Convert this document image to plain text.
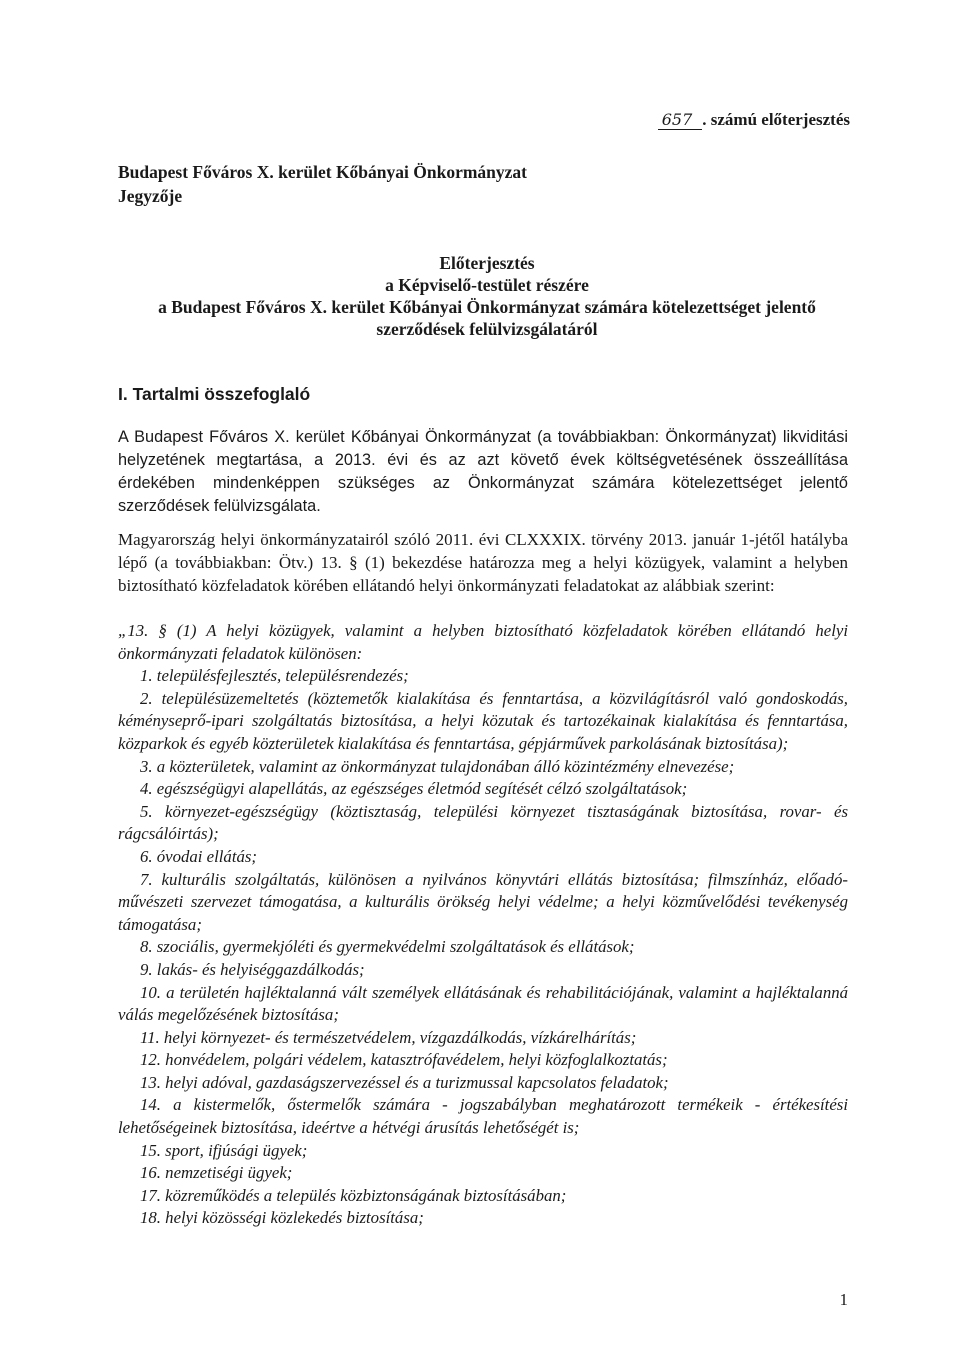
657 . számú előterjesztés
Budapest Főváros X. kerület Kőbányai Önkormányzat
Jegyzője
Előterjesztés
a Képviselő-testület részére
a Budapest Főváros X. kerület Kőbányai Önkormányzat számára kötelezettséget jelentő
szerződések felülvizsgálatáról
I. Tartalmi összefoglaló
A Budapest Főváros X. kerület Kőbányai Önkormányzat (a továbbiakban: Önkormányzat) likviditási helyzetének megtartása, a 2013. évi és az azt követő évek költségvetésének összeállítása érdekében mindenképpen szükséges az Önkormányzat számára kötelezettséget jelentő szerződések felülvizsgálata.
Magyarország helyi önkormányzatairól szóló 2011. évi CLXXXIX. törvény 2013. január 1-jétől hatályba lépő (a továbbiakban: Ötv.) 13. § (1) bekezdése határozza meg a helyi közügyek, valamint a helyben biztosítható közfeladatok körében ellátandó helyi önkormányzati feladatokat az alábbiak szerint:
„13. § (1) A helyi közügyek, valamint a helyben biztosítható közfeladatok körében ellátandó helyi önkormányzati feladatok különösen:
1. településfejlesztés, településrendezés;
2. településüzemeltetés (köztemetők kialakítása és fenntartása, a közvilágításról való gondoskodás, kéményseprő-ipari szolgáltatás biztosítása, a helyi közutak és tartozékainak kialakítása és fenntartása, közparkok és egyéb közterületek kialakítása és fenntartása, gépjárművek parkolásának biztosítása);
3. a közterületek, valamint az önkormányzat tulajdonában álló közintézmény elnevezése;
4. egészségügyi alapellátás, az egészséges életmód segítését célzó szolgáltatások;
5. környezet-egészségügy (köztisztaság, települési környezet tisztaságának biztosítása, rovar- és rágcsálóirtás);
6. óvodai ellátás;
7. kulturális szolgáltatás, különösen a nyilvános könyvtári ellátás biztosítása; filmszínház, előadó-művészeti szervezet támogatása, a kulturális örökség helyi védelme; a helyi közművelődési tevékenység támogatása;
8. szociális, gyermekjóléti és gyermekvédelmi szolgáltatások és ellátások;
9. lakás- és helyiséggazdálkodás;
10. a területén hajléktalanná vált személyek ellátásának és rehabilitációjának, valamint a hajléktalanná válás megelőzésének biztosítása;
11. helyi környezet- és természetvédelem, vízgazdálkodás, vízkárelhárítás;
12. honvédelem, polgári védelem, katasztrófavédelem, helyi közfoglalkoztatás;
13. helyi adóval, gazdaságszervezéssel és a turizmussal kapcsolatos feladatok;
14. a kistermelők, őstermelők számára - jogszabályban meghatározott termékeik - értékesítési lehetőségeinek biztosítása, ideértve a hétvégi árusítás lehetőségét is;
15. sport, ifjúsági ügyek;
16. nemzetiségi ügyek;
17. közreműködés a település közbiztonságának biztosításában;
18. helyi közösségi közlekedés biztosítása;
1
